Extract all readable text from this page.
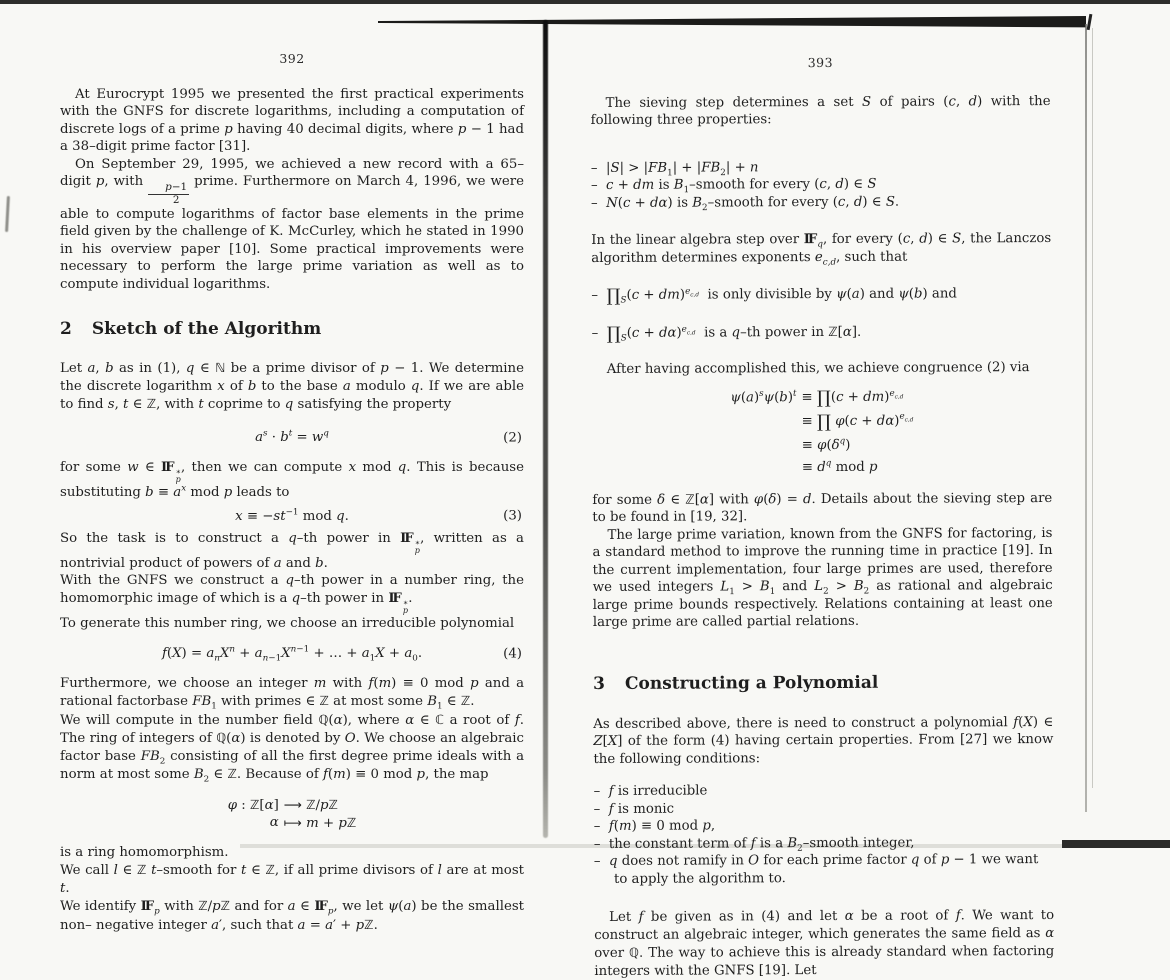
392

At Eurocrypt 1995 we presented the first practical experiments with the GNFS for discrete logarithms, including a computation of discrete logs of a prime p having 40 decimal digits, where p − 1 had a 38–digit prime factor [31].

On September 29, 1995, we achieved a new record with a 65–digit p, with
$\frac{p-1}{2}$
prime. Furthermore on March 4, 1996, we were able to compute logarithms of factor base elements in the prime field given by the challenge of K. McCurley, which he stated in 1990 in his overview paper [10]. Some practical improvements were necessary to perform the large prime variation as well as to compute individual logarithms.

2 Sketch of the Algorithm

Let a, b as in (1), q ∈ ℕ be a prime divisor of p − 1. We determine the discrete logarithm x of b to the base a modulo q. If we are able to find s, t ∈ ℤ, with t coprime to q satisfying the property

$a^s \cdot b^t = w^q$	(2)

for some w ∈ I F ∗
p
, then we can compute x mod q. This is because substituting $b \equiv a^x$ mod p leads to

$x \equiv -st^{-1}$ mod q.	(3)

So the task is to construct a q–th power in I F ∗
p
, written as a nontrivial product of powers of a and b.

With the GNFS we construct a q–th power in a number ring, the homomorphic image of which is a q–th power in I F ∗
p
.

To generate this number ring, we choose an irreducible polynomial

$f(X) = a_nX^n + a_{n-1}X^{n-1}$ + … + $a_1X + a_0$.	(4)

Furthermore, we choose an integer m with f(m) ≡ 0 mod p and a rational factorbase $FB_1$ with primes ∈ ℤ at most some $B_1$ ∈ ℤ.

We will compute in the number field ℚ(α), where α ∈ ℂ a root of f. The ring of integers of ℚ(α) is denoted by O. We choose an algebraic factor base $FB_2$ consisting of all the first degree prime ideals with a norm at most some $B_2$ ∈ ℤ. Because of f(m) ≡ 0 mod p, the map

φ : ℤ[α] ⟶ ℤ/pℤ
α ⟼ m + pℤ

is a ring homomorphism.

We call l ∈ ℤ t–smooth for t ∈ ℤ, if all prime divisors of l are at most t.

We identify I $F_p$ with ℤ/pℤ and for a ∈ I $F_p$, we let ψ(a) be the smallest non– negative integer a′, such that a = a′ + pℤ.

393

The sieving step determines a set S of pairs (c, d) with the following three properties:

–  $|S| > |FB_1| + |FB_2| + n$

–  c + dm is $B_1$–smooth for every (c, d) ∈ S

–  N(c + dα) is $B_2$–smooth for every (c, d) ∈ S.

In the linear algebra step over I $F_q$, for every (c, d) ∈ S, the Lanczos algorithm determines exponents $e_{c,d}$, such that

–  $\prod_S(c + dm)^{e_{c,d}}$  is only divisible by ψ(a) and ψ(b) and

–  $\prod_S(c + d\alpha)^{e_{c,d}}$  is a q–th power in ℤ[α].

After having accomplished this, we achieve congruence (2) via

$\psi(a)^s\psi(b)^t$ ≡ ∏(c + dm)$^{e_{c,d}}$
≡ ∏ $\varphi(c + d\alpha)^{e_{c,d}}$
≡ $\varphi(\delta^q)$
≡ $d^q$ mod p

for some δ ∈ ℤ[α] with φ(δ) = d. Details about the sieving step are to be found in [19, 32].

The large prime variation, known from the GNFS for factoring, is a standard method to improve the running time in practice [19]. In the current implementation, four large primes are used, therefore we used integers $L_1 > B_1$ and $L_2 > B_2$ as rational and algebraic large prime bounds respectively. Relations containing at least one large prime are called partial relations.

3 Constructing a Polynomial

As described above, there is need to construct a polynomial f(X) ∈ Z[X] of the form (4) having certain properties. From [27] we know the following conditions:

–  f is irreducible

–  f is monic

–  f(m) ≡ 0 mod p,

–  the constant term of f is a $B_2$–smooth integer,

–  q does not ramify in O for each prime factor q of p − 1 we want to apply the algorithm to.

Let f be given as in (4) and let α be a root of f. We want to construct an algebraic integer, which generates the same field as α over ℚ. The way to achieve this is already standard when factoring integers with the GNFS [19]. Let
